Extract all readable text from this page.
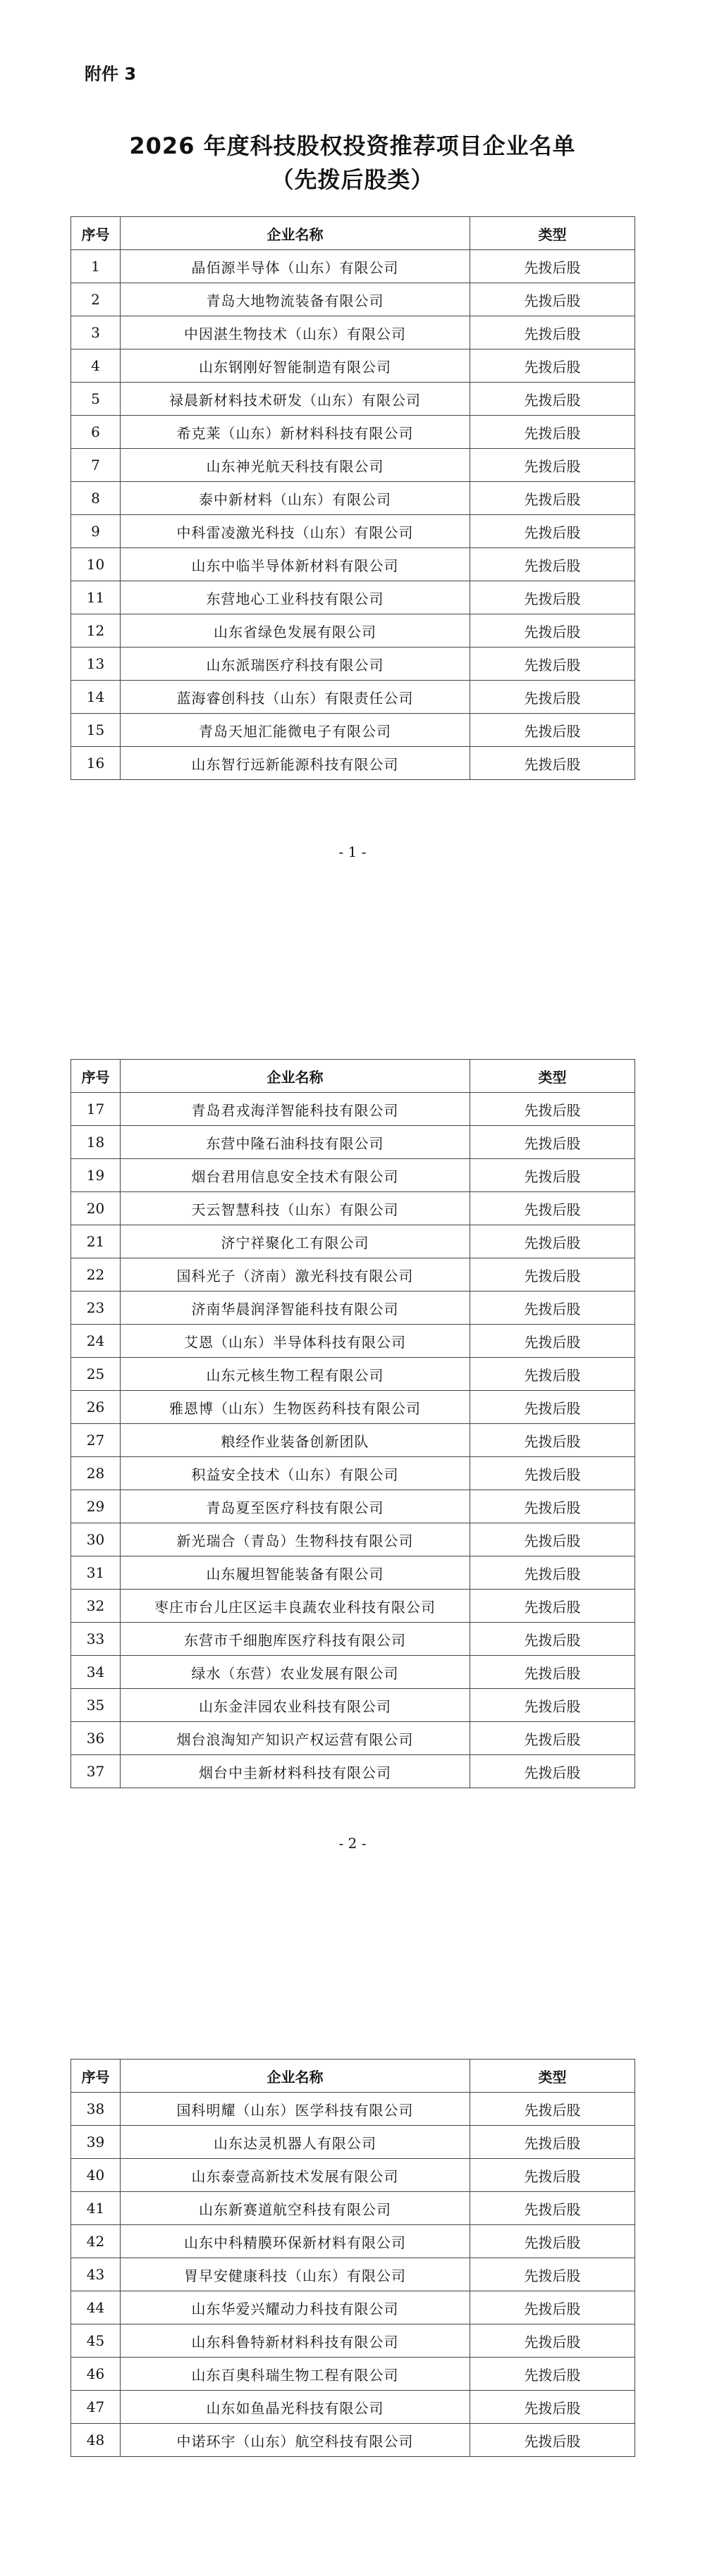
附件 3
2026 年度科技股权投资推荐项目企业名单
（先拨后股类）
序号	企业名称	类型
1	晶佰源半导体（山东）有限公司	先拨后股
2	青岛大地物流装备有限公司	先拨后股
3	中因湛生物技术（山东）有限公司	先拨后股
4	山东钢刚好智能制造有限公司	先拨后股
5	禄晨新材料技术研发（山东）有限公司	先拨后股
6	希克莱（山东）新材料科技有限公司	先拨后股
7	山东神光航天科技有限公司	先拨后股
8	泰中新材料（山东）有限公司	先拨后股
9	中科雷凌激光科技（山东）有限公司	先拨后股
10	山东中临半导体新材料有限公司	先拨后股
11	东营地心工业科技有限公司	先拨后股
12	山东省绿色发展有限公司	先拨后股
13	山东派瑞医疗科技有限公司	先拨后股
14	蓝海睿创科技（山东）有限责任公司	先拨后股
15	青岛天旭汇能微电子有限公司	先拨后股
16	山东智行远新能源科技有限公司	先拨后股
- 1 -
序号	企业名称	类型
17	青岛君戎海洋智能科技有限公司	先拨后股
18	东营中隆石油科技有限公司	先拨后股
19	烟台君用信息安全技术有限公司	先拨后股
20	天云智慧科技（山东）有限公司	先拨后股
21	济宁祥聚化工有限公司	先拨后股
22	国科光子（济南）激光科技有限公司	先拨后股
23	济南华晨润泽智能科技有限公司	先拨后股
24	艾恩（山东）半导体科技有限公司	先拨后股
25	山东元核生物工程有限公司	先拨后股
26	雅恩博（山东）生物医药科技有限公司	先拨后股
27	粮经作业装备创新团队	先拨后股
28	积益安全技术（山东）有限公司	先拨后股
29	青岛夏至医疗科技有限公司	先拨后股
30	新光瑞合（青岛）生物科技有限公司	先拨后股
31	山东履坦智能装备有限公司	先拨后股
32	枣庄市台儿庄区运丰良蔬农业科技有限公司	先拨后股
33	东营市千细胞库医疗科技有限公司	先拨后股
34	绿水（东营）农业发展有限公司	先拨后股
35	山东金沣园农业科技有限公司	先拨后股
36	烟台浪淘知产知识产权运营有限公司	先拨后股
37	烟台中圭新材料科技有限公司	先拨后股
- 2 -
序号	企业名称	类型
38	国科明耀（山东）医学科技有限公司	先拨后股
39	山东达灵机器人有限公司	先拨后股
40	山东泰壹高新技术发展有限公司	先拨后股
41	山东新赛道航空科技有限公司	先拨后股
42	山东中科精膜环保新材料有限公司	先拨后股
43	胃早安健康科技（山东）有限公司	先拨后股
44	山东华爱兴耀动力科技有限公司	先拨后股
45	山东科鲁特新材料科技有限公司	先拨后股
46	山东百奥科瑞生物工程有限公司	先拨后股
47	山东如鱼晶光科技有限公司	先拨后股
48	中诺环宇（山东）航空科技有限公司	先拨后股
